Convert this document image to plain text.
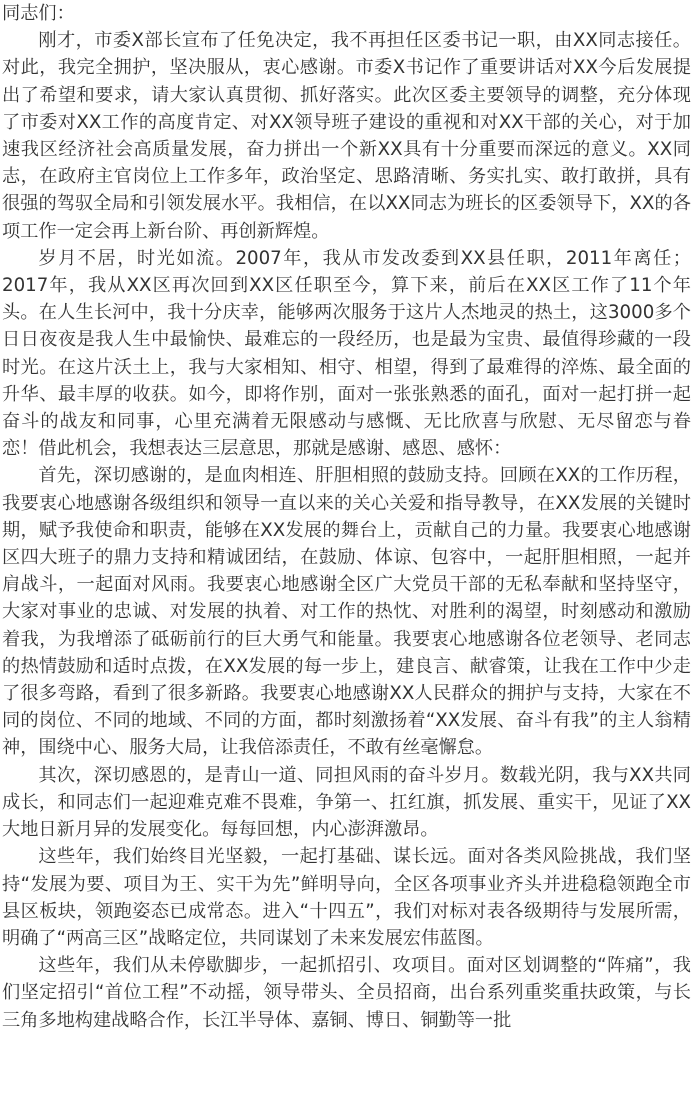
同志们：

刚才，市委X部长宣布了任免决定，我不再担任区委书记一职，由XX同志接任。对此，我完全拥护，坚决服从，衷心感谢。市委X书记作了重要讲话对XX今后发展提出了希望和要求，请大家认真贯彻、抓好落实。此次区委主要领导的调整，充分体现了市委对XX工作的高度肯定、对XX领导班子建设的重视和对XX干部的关心，对于加速我区经济社会高质量发展，奋力拼出一个新XX具有十分重要而深远的意义。XX同志，在政府主官岗位上工作多年，政治坚定、思路清晰、务实扎实、敢打敢拼，具有很强的驾驭全局和引领发展水平。我相信，在以XX同志为班长的区委领导下，XX的各项工作一定会再上新台阶、再创新辉煌。

岁月不居，时光如流。2007年，我从市发改委到XX县任职，2011年离任；2017年，我从XX区再次回到XX区任职至今，算下来，前后在XX区工作了11个年头。在人生长河中，我十分庆幸，能够两次服务于这片人杰地灵的热土，这3000多个日日夜夜是我人生中最愉快、最难忘的一段经历，也是最为宝贵、最值得珍藏的一段时光。在这片沃土上，我与大家相知、相守、相望，得到了最难得的淬炼、最全面的升华、最丰厚的收获。如今，即将作别，面对一张张熟悉的面孔，面对一起打拼一起奋斗的战友和同事，心里充满着无限感动与感慨、无比欣喜与欣慰、无尽留恋与眷恋！借此机会，我想表达三层意思，那就是感谢、感恩、感怀：

首先，深切感谢的，是血肉相连、肝胆相照的鼓励支持。回顾在XX的工作历程，我要衷心地感谢各级组织和领导一直以来的关心关爱和指导教导，在XX发展的关键时期，赋予我使命和职责，能够在XX发展的舞台上，贡献自己的力量。我要衷心地感谢区四大班子的鼎力支持和精诚团结，在鼓励、体谅、包容中，一起肝胆相照，一起并肩战斗，一起面对风雨。我要衷心地感谢全区广大党员干部的无私奉献和坚持坚守，大家对事业的忠诚、对发展的执着、对工作的热忱、对胜利的渴望，时刻感动和激励着我，为我增添了砥砺前行的巨大勇气和能量。我要衷心地感谢各位老领导、老同志的热情鼓励和适时点拨，在XX发展的每一步上，建良言、献睿策，让我在工作中少走了很多弯路，看到了很多新路。我要衷心地感谢XX人民群众的拥护与支持，大家在不同的岗位、不同的地域、不同的方面，都时刻激扬着“XX发展、奋斗有我”的主人翁精神，围绕中心、服务大局，让我倍添责任，不敢有丝毫懈怠。

其次，深切感恩的，是青山一道、同担风雨的奋斗岁月。数载光阴，我与XX共同成长，和同志们一起迎难克难不畏难，争第一、扛红旗，抓发展、重实干，见证了XX大地日新月异的发展变化。每每回想，内心澎湃激昂。

这些年，我们始终目光坚毅，一起打基础、谋长远。面对各类风险挑战，我们坚持“发展为要、项目为王、实干为先”鲜明导向，全区各项事业齐头并进稳稳领跑全市县区板块，领跑姿态已成常态。进入“十四五”，我们对标对表各级期待与发展所需，明确了“两高三区”战略定位，共同谋划了未来发展宏伟蓝图。

这些年，我们从未停歇脚步，一起抓招引、攻项目。面对区划调整的“阵痛”，我们坚定招引“首位工程”不动摇，领导带头、全员招商，出台系列重奖重扶政策，与长三角多地构建战略合作，长江半导体、嘉铜、博日、铜勤等一批
